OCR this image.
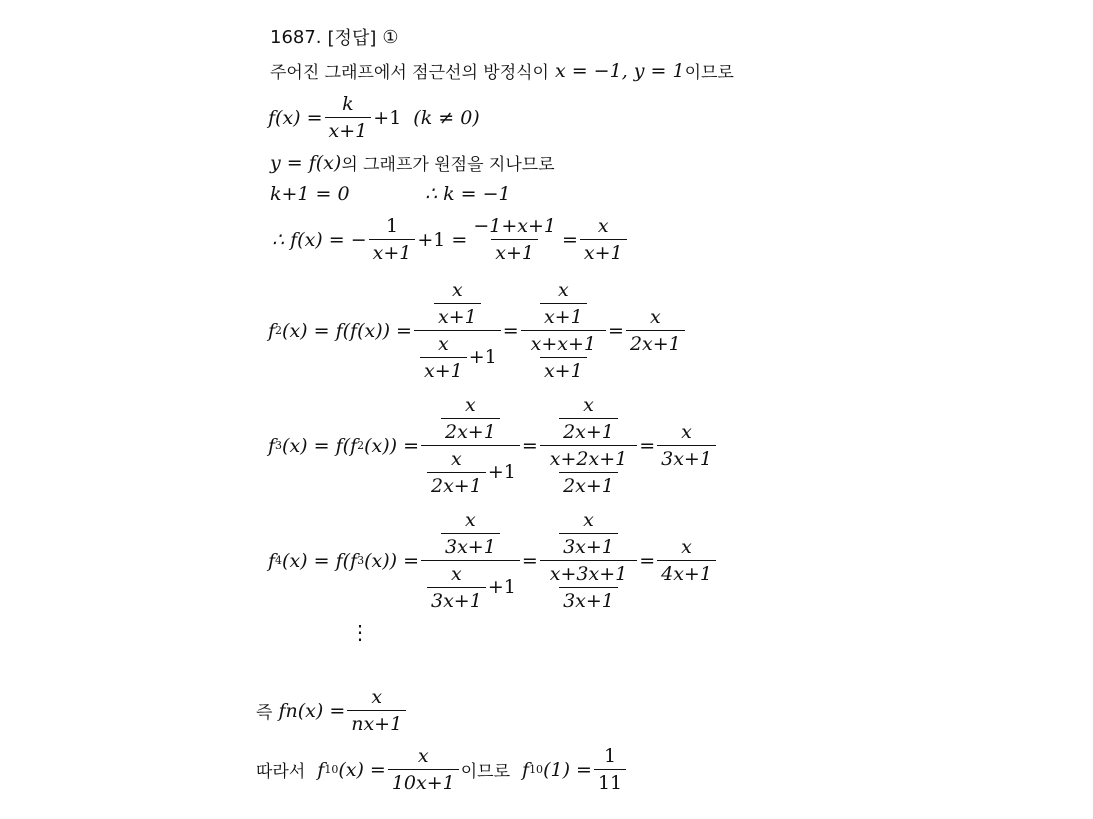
1687. [정답] ①
주어진 그래프에서 점근선의 방정식이 x = −1, y = 1 이므로
$f(x) = \frac{k}{x+1} +1$ (k ≠ 0)
y = f(x) 의 그래프가 원점을 지나므로
k+1 = 0	∴ k = −1
∴ f(x) = − $\frac{1}{x+1} +1 = \frac{-1+x+1}{x+1} = \frac{x}{x+1}$
f 2 $(x) = f(f(x)) = \frac{\frac{x}{x+1}}{\frac{x}{x+1} +1} = \frac{\frac{x}{x+1}}{\frac{x+x+1}{x+1}} = \frac{x}{2x+1}$
f 3 (x) = f(f 2 $(x)) = \frac{\frac{x}{2x+1}}{\frac{x}{2x+1} +1} = \frac{\frac{x}{2x+1}}{\frac{x+2x+1}{2x+1}} = \frac{x}{3x+1}$
f 4 (x) = f(f 3 $(x)) = \frac{\frac{x}{3x+1}}{\frac{x}{3x+1} +1} = \frac{\frac{x}{3x+1}}{\frac{x+3x+1}{3x+1}} = \frac{x}{4x+1}$
⋮
즉 f n $(x) = \frac{x}{nx+1}$
따라서 f 10 $(x) = \frac{x}{10x+1}$ 이므로 f 10 $(1) = \frac{1}{11}$
